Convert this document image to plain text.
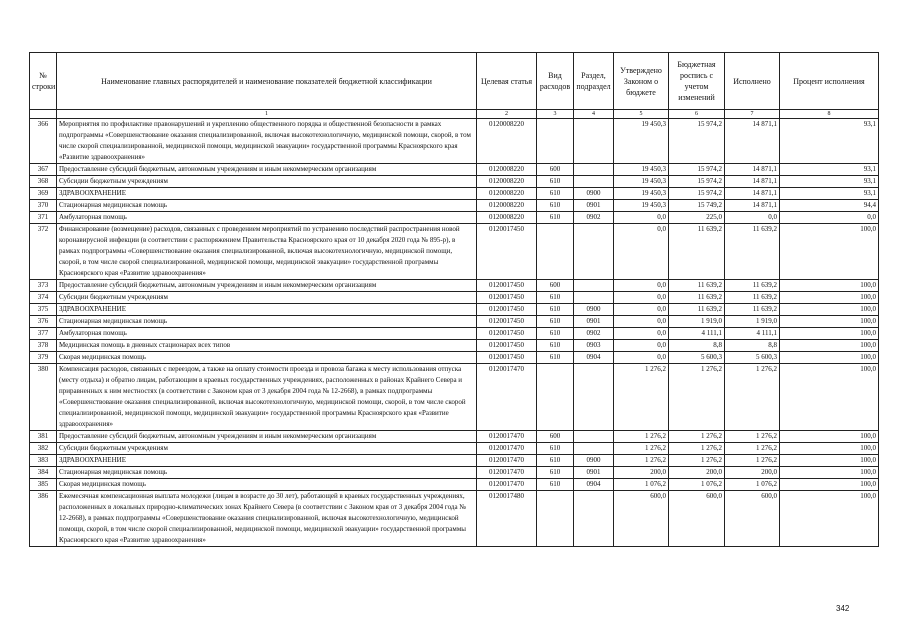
№ строки	Наименование главных распорядителей и наименование показателей бюджетной классификации	Целевая статья	Вид расходов	Раздел, подраздел	Утверждено Законом о бюджете	Бюджетная роспись с учетом изменений	Исполнено	Процент исполнения
	1	2	3	4	5	6	7	8
366	Мероприятия по профилактике правонарушений и укреплению общественного порядка и общественной безопасности в рамках подпрограммы «Совершенствование оказания специализированной, включая высокотехнологичную, медицинской помощи, скорой, в том числе скорой специализированной, медицинской помощи, медицинской эвакуации» государственной программы Красноярского края «Развитие здравоохранения»	0120008220			19 450,3	15 974,2	14 871,1	93,1
367	Предоставление субсидий бюджетным, автономным учреждениям и иным некоммерческим организациям	0120008220	600		19 450,3	15 974,2	14 871,1	93,1
368	Субсидии бюджетным учреждениям	0120008220	610		19 450,3	15 974,2	14 871,1	93,1
369	ЗДРАВООХРАНЕНИЕ	0120008220	610	0900	19 450,3	15 974,2	14 871,1	93,1
370	Стационарная медицинская помощь	0120008220	610	0901	19 450,3	15 749,2	14 871,1	94,4
371	Амбулаторная помощь	0120008220	610	0902	0,0	225,0	0,0	0,0
372	Финансирование (возмещение) расходов, связанных с проведением мероприятий по устранению последствий распространения новой коронавирусной инфекции (в соответствии с распоряжением Правительства Красноярского края от 10 декабря 2020 года № 895-р), в рамках подпрограммы «Совершенствование оказания специализированной, включая высокотехнологичную, медицинской помощи, скорой, в том числе скорой специализированной, медицинской помощи, медицинской эвакуации» государственной программы Красноярского края «Развитие здравоохранения»	0120017450			0,0	11 639,2	11 639,2	100,0
373	Предоставление субсидий бюджетным, автономным учреждениям и иным некоммерческим организациям	0120017450	600		0,0	11 639,2	11 639,2	100,0
374	Субсидии бюджетным учреждениям	0120017450	610		0,0	11 639,2	11 639,2	100,0
375	ЗДРАВООХРАНЕНИЕ	0120017450	610	0900	0,0	11 639,2	11 639,2	100,0
376	Стационарная медицинская помощь	0120017450	610	0901	0,0	1 919,0	1 919,0	100,0
377	Амбулаторная помощь	0120017450	610	0902	0,0	4 111,1	4 111,1	100,0
378	Медицинская помощь в дневных стационарах всех типов	0120017450	610	0903	0,0	8,8	8,8	100,0
379	Скорая медицинская помощь	0120017450	610	0904	0,0	5 600,3	5 600,3	100,0
380	Компенсация расходов, связанных с переездом, а также на оплату стоимости проезда и провоза багажа к месту использования отпуска (месту отдыха) и обратно лицам, работающим в краевых государственных учреждениях, расположенных в районах Крайнего Севера и приравненных к ним местностях (в соответствии с Законом края от 3 декабря 2004 года № 12-2668), в рамках подпрограммы «Совершенствование оказания специализированной, включая высокотехнологичную, медицинской помощи, скорой, в том числе скорой специализированной, медицинской помощи, медицинской эвакуации» государственной программы Красноярского края «Развитие здравоохранения»	0120017470			1 276,2	1 276,2	1 276,2	100,0
381	Предоставление субсидий бюджетным, автономным учреждениям и иным некоммерческим организациям	0120017470	600		1 276,2	1 276,2	1 276,2	100,0
382	Субсидии бюджетным учреждениям	0120017470	610		1 276,2	1 276,2	1 276,2	100,0
383	ЗДРАВООХРАНЕНИЕ	0120017470	610	0900	1 276,2	1 276,2	1 276,2	100,0
384	Стационарная медицинская помощь	0120017470	610	0901	200,0	200,0	200,0	100,0
385	Скорая медицинская помощь	0120017470	610	0904	1 076,2	1 076,2	1 076,2	100,0
386	Ежемесячная компенсационная выплата молодежи (лицам в возрасте до 30 лет), работающей в краевых государственных учреждениях, расположенных в локальных природно-климатических зонах Крайнего Севера (в соответствии с Законом края от 3 декабря 2004 года № 12-2668), в рамках подпрограммы «Совершенствование оказания специализированной, включая высокотехнологичную, медицинской помощи, скорой, в том числе скорой специализированной, медицинской помощи, медицинской эвакуации» государственной программы Красноярского края «Развитие здравоохранения»	0120017480			600,0	600,0	600,0	100,0
342
